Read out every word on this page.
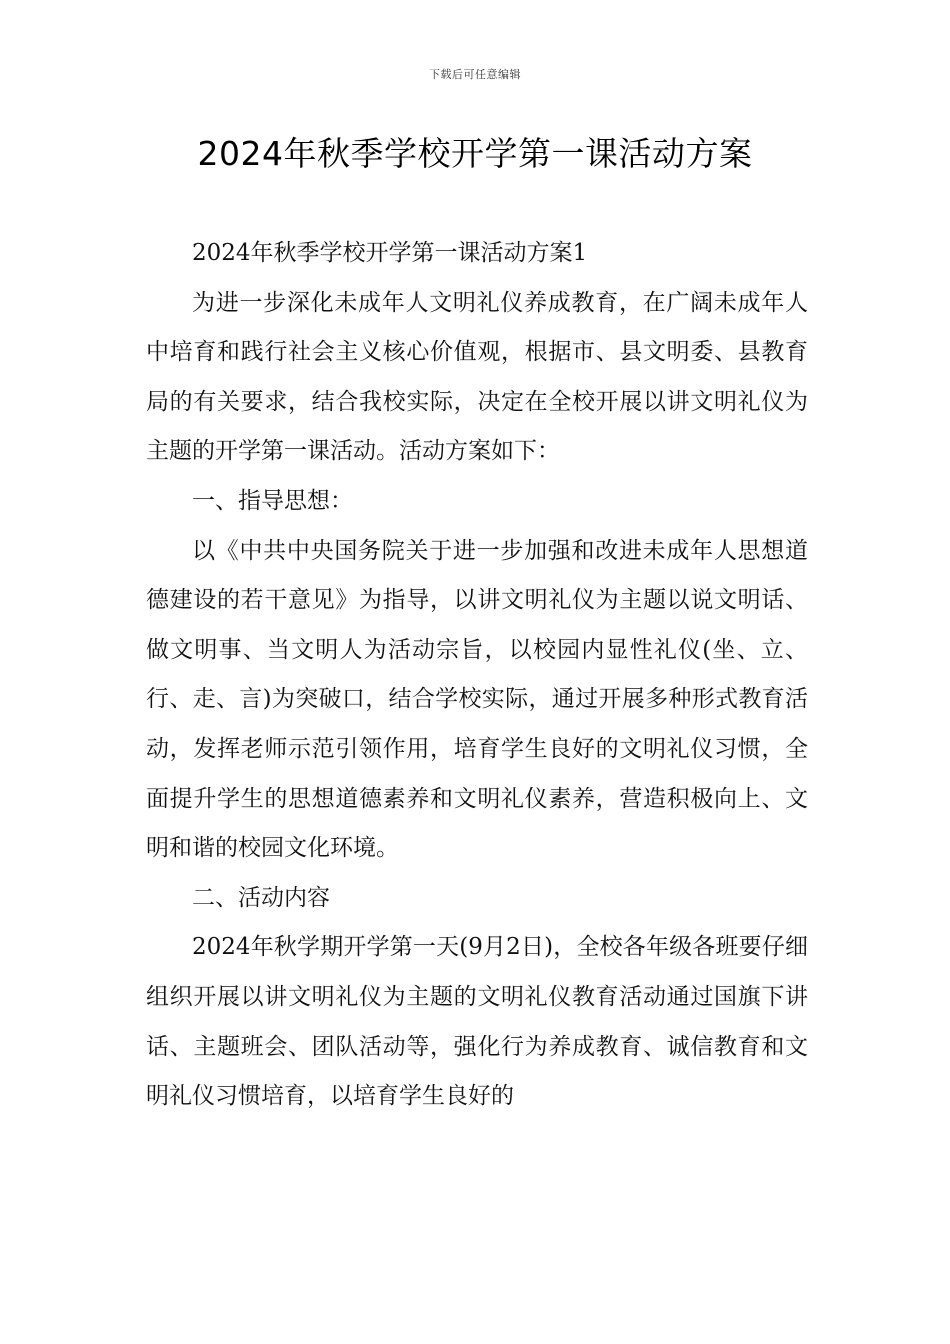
下载后可任意编辑
2024年秋季学校开学第一课活动方案

2024年秋季学校开学第一课活动方案1

为进一步深化未成年人文明礼仪养成教育，在广阔未成年人中培育和践行社会主义核心价值观，根据市、县文明委、县教育局的有关要求，结合我校实际，决定在全校开展以讲文明礼仪为主题的开学第一课活动。活动方案如下：

一、指导思想：

以《中共中央国务院关于进一步加强和改进未成年人思想道德建设的若干意见》为指导，以讲文明礼仪为主题以说文明话、做文明事、当文明人为活动宗旨，以校园内显性礼仪(坐、立、行、走、言)为突破口，结合学校实际，通过开展多种形式教育活动，发挥老师示范引领作用，培育学生良好的文明礼仪习惯，全面提升学生的思想道德素养和文明礼仪素养，营造积极向上、文明和谐的校园文化环境。

二、活动内容

2024年秋学期开学第一天(9月2日)，全校各年级各班要仔细组织开展以讲文明礼仪为主题的文明礼仪教育活动通过国旗下讲话、主题班会、团队活动等，强化行为养成教育、诚信教育和文明礼仪习惯培育，以培育学生良好的
